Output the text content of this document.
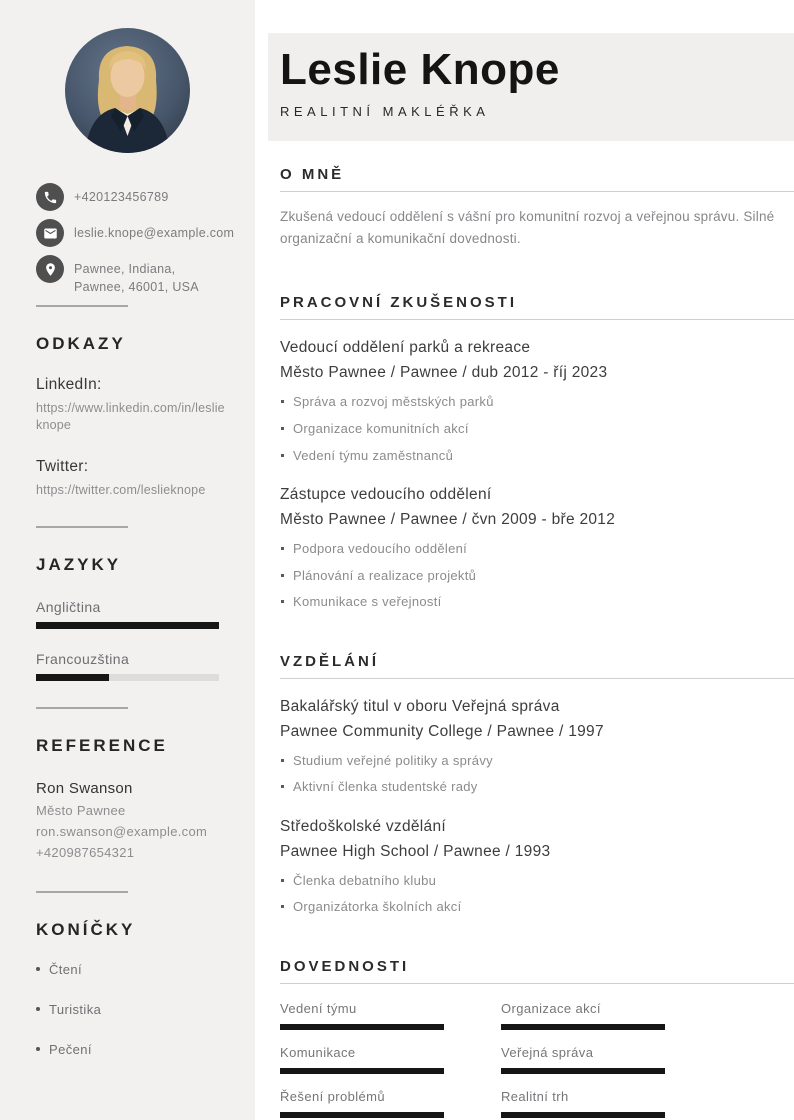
+420123456789
leslie.knope@example.com
Pawnee, Indiana, Pawnee, 46001, USA
ODKAZY
LinkedIn:
https://www.linkedin.com/in/leslieknope
Twitter:
https://twitter.com/leslieknope
JAZYKY
Angličtina
Francouzština
REFERENCE
Ron Swanson
Město Pawnee
ron.swanson@example.com
+420987654321
KONÍČKY
Čtení
Turistika
Pečení
Leslie Knope
REALITNÍ MAKLÉŘKA
O MNĚ

Zkušená vedoucí oddělení s vášní pro komunitní rozvoj a veřejnou správu. Silné organizační a komunikační dovednosti.

PRACOVNÍ ZKUŠENOSTI
Vedoucí oddělení parků a rekreace
Město Pawnee / Pawnee / dub 2012 - říj 2023
Správa a rozvoj městských parků
Organizace komunitních akcí
Vedení týmu zaměstnanců
Zástupce vedoucího oddělení
Město Pawnee / Pawnee / čvn 2009 - bře 2012
Podpora vedoucího oddělení
Plánování a realizace projektů
Komunikace s veřejností
VZDĚLÁNÍ
Bakalářský titul v oboru Veřejná správa
Pawnee Community College / Pawnee / 1997
Studium veřejné politiky a správy
Aktivní členka studentské rady
Středoškolské vzdělání
Pawnee High School / Pawnee / 1993
Členka debatního klubu
Organizátorka školních akcí
DOVEDNOSTI
Vedení týmu
Komunikace
Řešení problémů
Organizace akcí
Veřejná správa
Realitní trh
